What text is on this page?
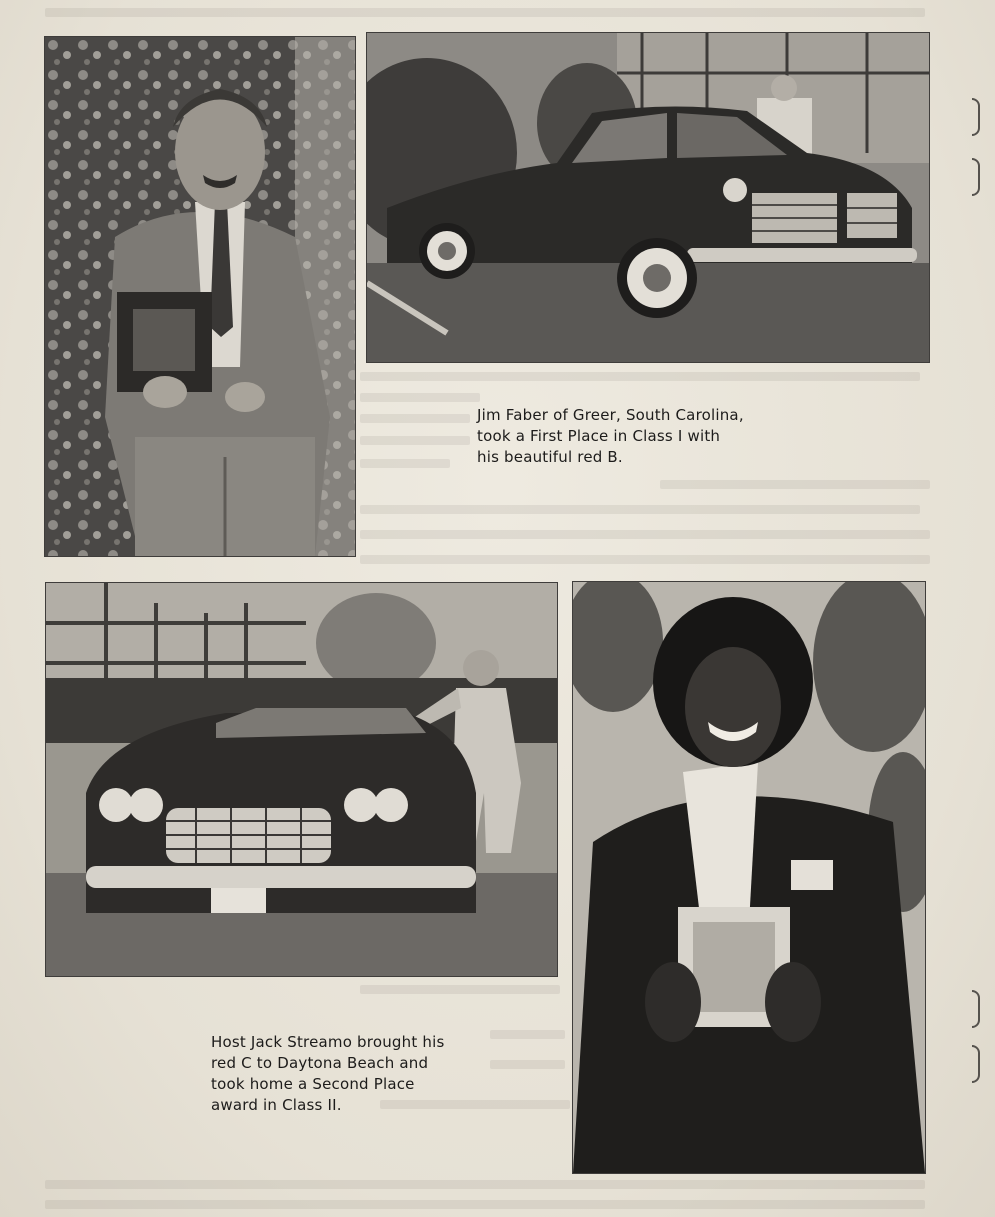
Jim Faber of Greer, South Carolina,
took a First Place in Class I with
his beautiful red B.

Host Jack Streamo brought his
red C to Daytona Beach and
took home a Second Place
award in Class II.
